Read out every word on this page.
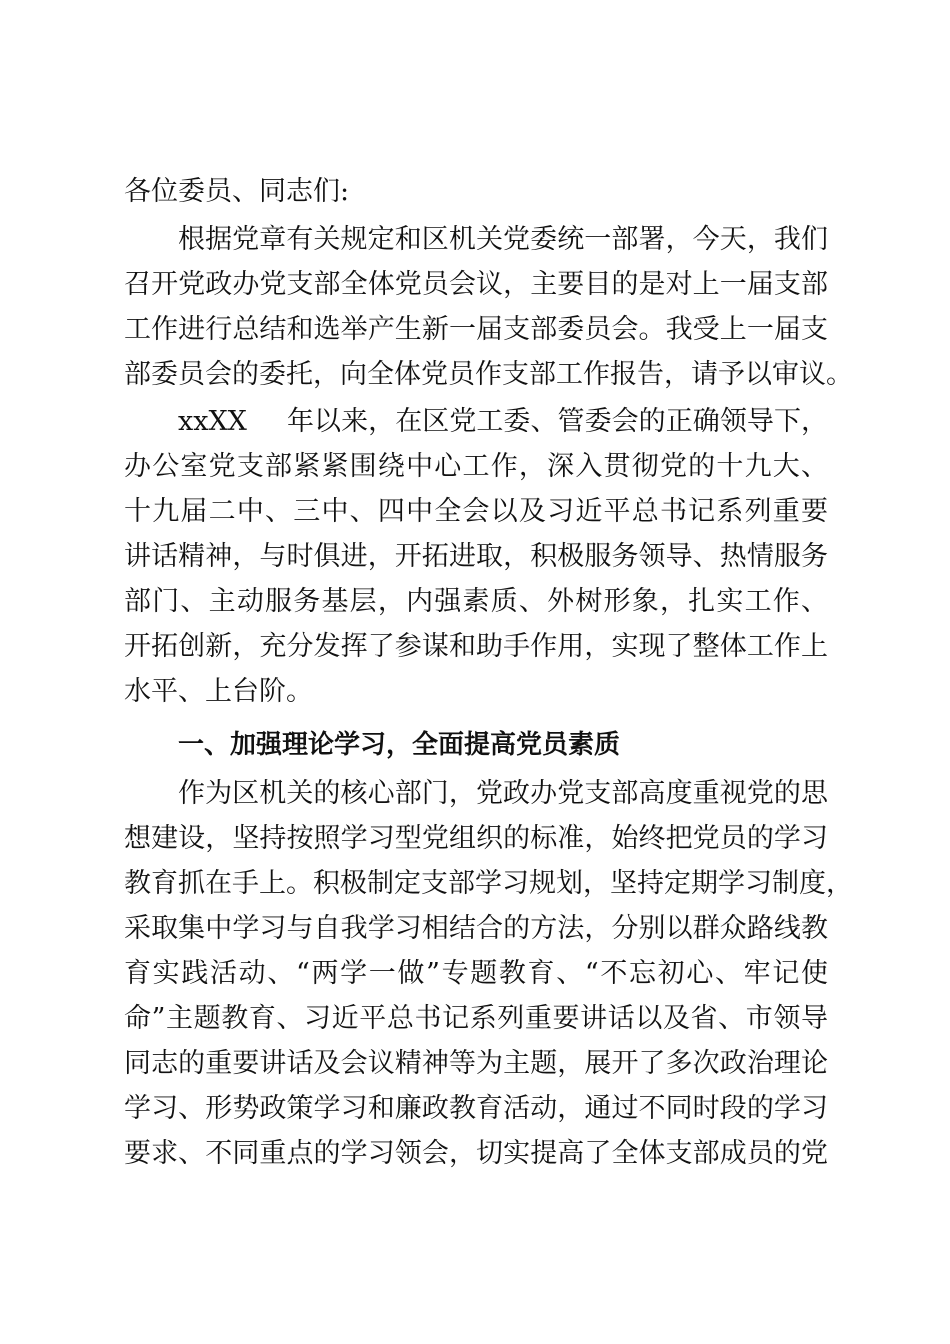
各位委员、同志们:
根据党章有关规定和区机关党委统一部署，今天，我们
召开党政办党支部全体党员会议，主要目的是对上一届支部
工作进行总结和选举产生新一届支部委员会。我受上一届支
部委员会的委托，向全体党员作支部工作报告，请予以审议。
xxXX	年以来，在区党工委、管委会的正确领导下，
办公室党支部紧紧围绕中心工作，深入贯彻党的十九大、
十九届二中、三中、四中全会以及习近平总书记系列重要
讲话精神，与时俱进，开拓进取，积极服务领导、热情服务
部门、主动服务基层，内强素质、外树形象，扎实工作、
开拓创新，充分发挥了参谋和助手作用，实现了整体工作上
水平、上台阶。
一、加强理论学习，全面提高党员素质
作为区机关的核心部门，党政办党支部高度重视党的思
想建设，坚持按照学习型党组织的标准，始终把党员的学习
教育抓在手上。积极制定支部学习规划，坚持定期学习制度，
采取集中学习与自我学习相结合的方法，分别以群众路线教
育实践活动、“两学一做”专题教育、“不忘初心、牢记使
命”主题教育、习近平总书记系列重要讲话以及省、市领导
同志的重要讲话及会议精神等为主题，展开了多次政治理论
学习、形势政策学习和廉政教育活动，通过不同时段的学习
要求、不同重点的学习领会，切实提高了全体支部成员的党
